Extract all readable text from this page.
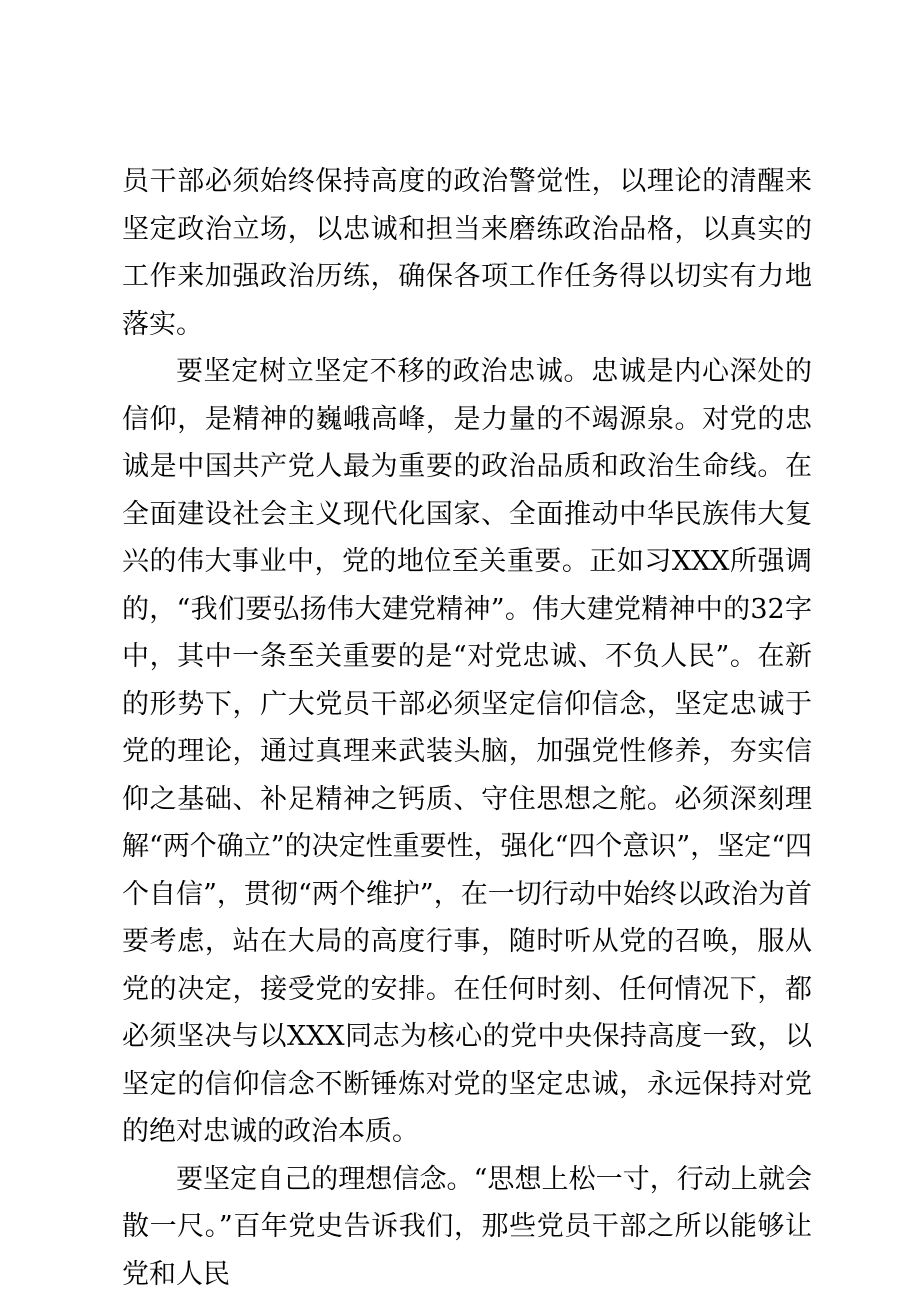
员干部必须始终保持高度的政治警觉性，以理论的清醒来坚定政治立场，以忠诚和担当来磨练政治品格，以真实的工作来加强政治历练，确保各项工作任务得以切实有力地落实。

要坚定树立坚定不移的政治忠诚。忠诚是内心深处的信仰，是精神的巍峨高峰，是力量的不竭源泉。对党的忠诚是中国共产党人最为重要的政治品质和政治生命线。在全面建设社会主义现代化国家、全面推动中华民族伟大复兴的伟大事业中，党的地位至关重要。正如习XXX所强调的，“我们要弘扬伟大建党精神”。伟大建党精神中的32字中，其中一条至关重要的是“对党忠诚、不负人民”。在新的形势下，广大党员干部必须坚定信仰信念，坚定忠诚于党的理论，通过真理来武装头脑，加强党性修养，夯实信仰之基础、补足精神之钙质、守住思想之舵。必须深刻理解“两个确立”的决定性重要性，强化“四个意识”，坚定“四个自信”，贯彻“两个维护”，在一切行动中始终以政治为首要考虑，站在大局的高度行事，随时听从党的召唤，服从党的决定，接受党的安排。在任何时刻、任何情况下，都必须坚决与以XXX同志为核心的党中央保持高度一致，以坚定的信仰信念不断锤炼对党的坚定忠诚，永远保持对党的绝对忠诚的政治本质。

要坚定自己的理想信念。“思想上松一寸，行动上就会散一尺。”百年党史告诉我们，那些党员干部之所以能够让党和人民
